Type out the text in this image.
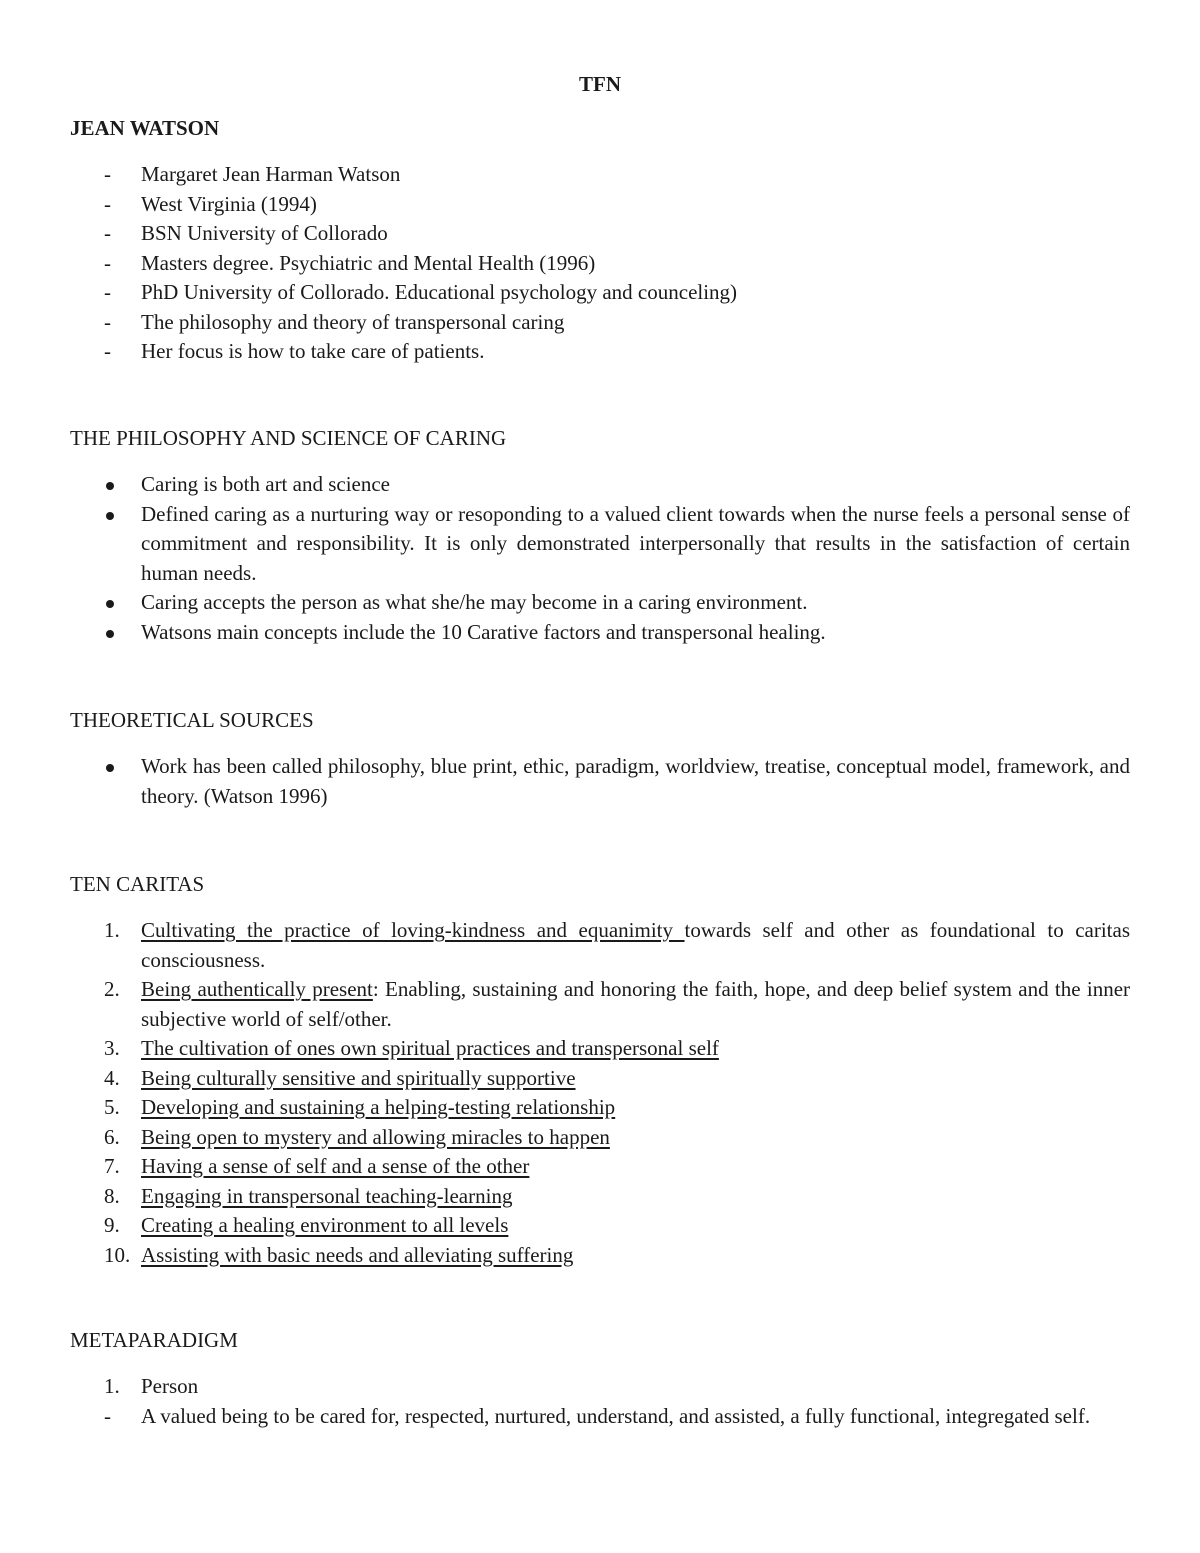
TFN
JEAN WATSON
- Margaret Jean Harman Watson
- West Virginia (1994)
- BSN University of Collorado
- Masters degree. Psychiatric and Mental Health (1996)
- PhD University of Collorado. Educational psychology and counceling)
- The philosophy and theory of transpersonal caring
- Her focus is how to take care of patients.
THE PHILOSOPHY AND SCIENCE OF CARING
Caring is both art and science
Defined caring as a nurturing way or resoponding to a valued client towards when the nurse feels a personal sense of commitment and responsibility. It is only demonstrated interpersonally that results in the satisfaction of certain human needs.
Caring accepts the person as what she/he may become in a caring environment.
Watsons main concepts include the 10 Carative factors and transpersonal healing.
THEORETICAL SOURCES
Work has been called philosophy, blue print, ethic, paradigm, worldview, treatise, conceptual model, framework, and theory. (Watson 1996)
TEN CARITAS
1. Cultivating the practice of loving-kindness and equanimity towards self and other as foundational to caritas consciousness.
2. Being authentically present: Enabling, sustaining and honoring the faith, hope, and deep belief system and the inner subjective world of self/other.
3. The cultivation of ones own spiritual practices and transpersonal self
4. Being culturally sensitive and spiritually supportive
5. Developing and sustaining a helping-testing relationship
6. Being open to mystery and allowing miracles to happen
7. Having a sense of self and a sense of the other
8. Engaging in transpersonal teaching-learning
9. Creating a healing environment to all levels
10. Assisting with basic needs and alleviating suffering
METAPARADIGM
1. Person
- A valued being to be cared for, respected, nurtured, understand, and assisted, a fully functional, integregated self.
